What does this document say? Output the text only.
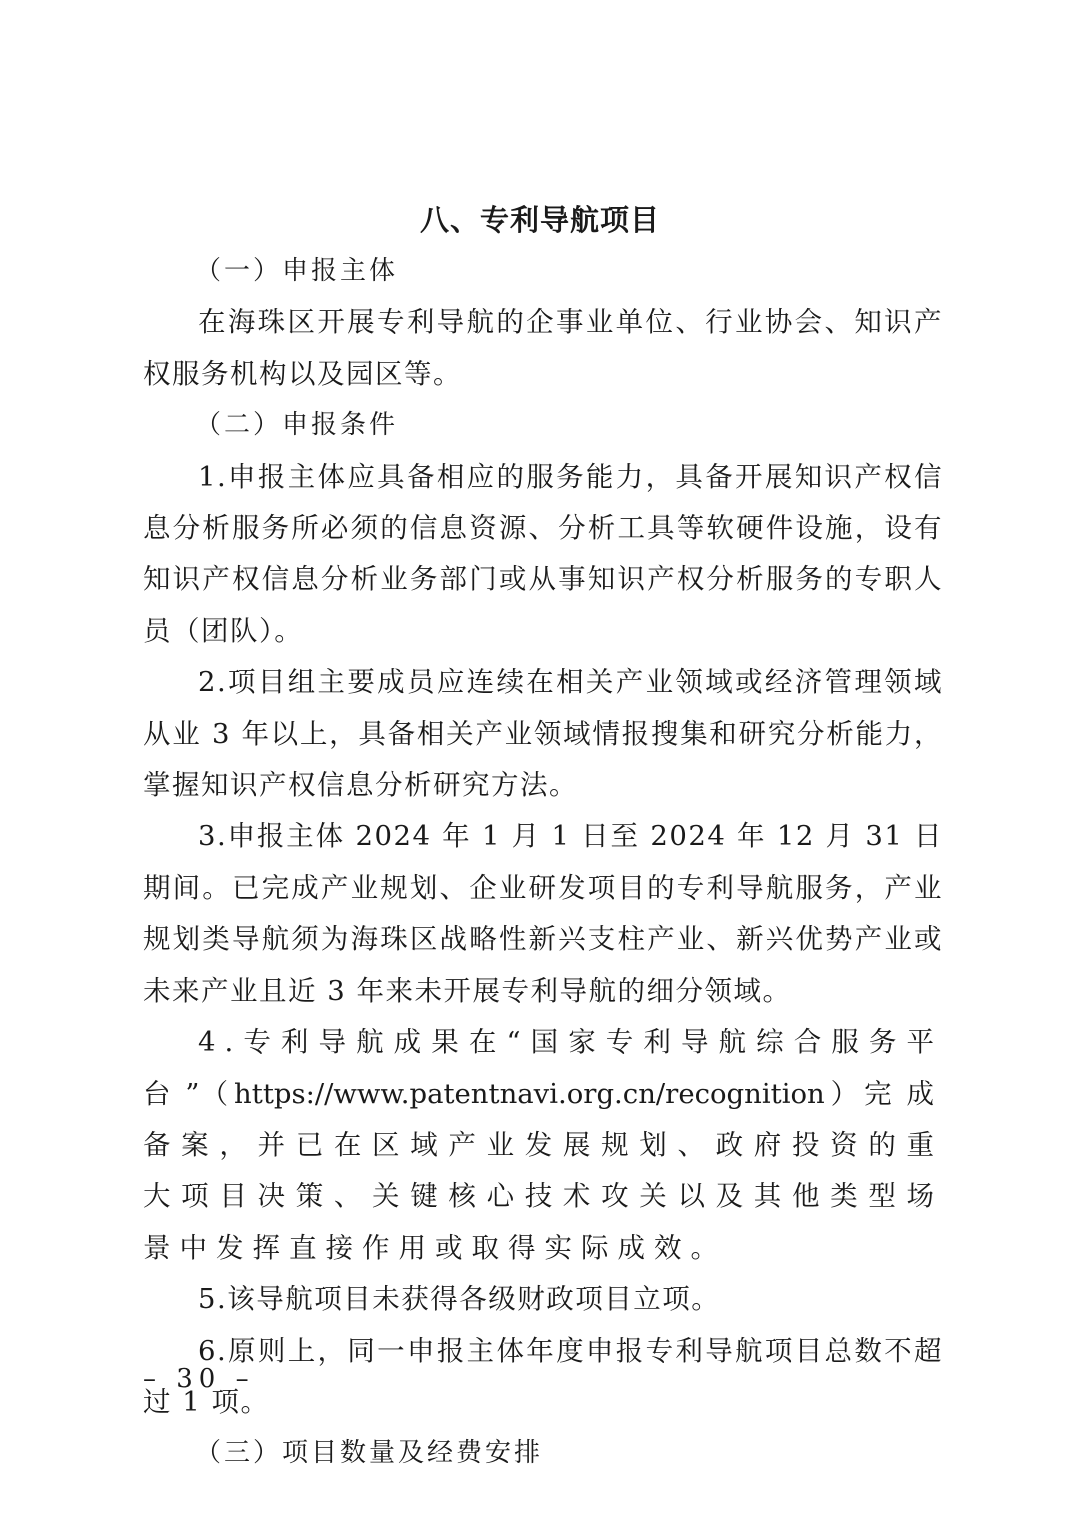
八、专利导航项目

（一）申报主体

在海珠区开展专利导航的企事业单位、行业协会、知识产权服务机构以及园区等。

（二）申报条件

1.申报主体应具备相应的服务能力，具备开展知识产权信息分析服务所必须的信息资源、分析工具等软硬件设施，设有知识产权信息分析业务部门或从事知识产权分析服务的专职人员（团队）。

2.项目组主要成员应连续在相关产业领域或经济管理领域从业 3 年以上，具备相关产业领域情报搜集和研究分析能力，掌握知识产权信息分析研究方法。

3.申报主体 2024 年 1 月 1 日至 2024 年 12 月 31 日期间。已完成产业规划、企业研发项目的专利导航服务，产业规划类导航须为海珠区战略性新兴支柱产业、新兴优势产业或未来产业且近 3 年来未开展专利导航的细分领域。

4.专利导航成果在“国家专利导航综合服务平台”（https://www.patentnavi.org.cn/recognition）完成备案，并已在区域产业发展规划、政府投资的重大项目决策、关键核心技术攻关以及其他类型场景中发挥直接作用或取得实际成效。

5.该导航项目未获得各级财政项目立项。

6.原则上，同一申报主体年度申报专利导航项目总数不超过 1 项。

（三）项目数量及经费安排

– 30 –
